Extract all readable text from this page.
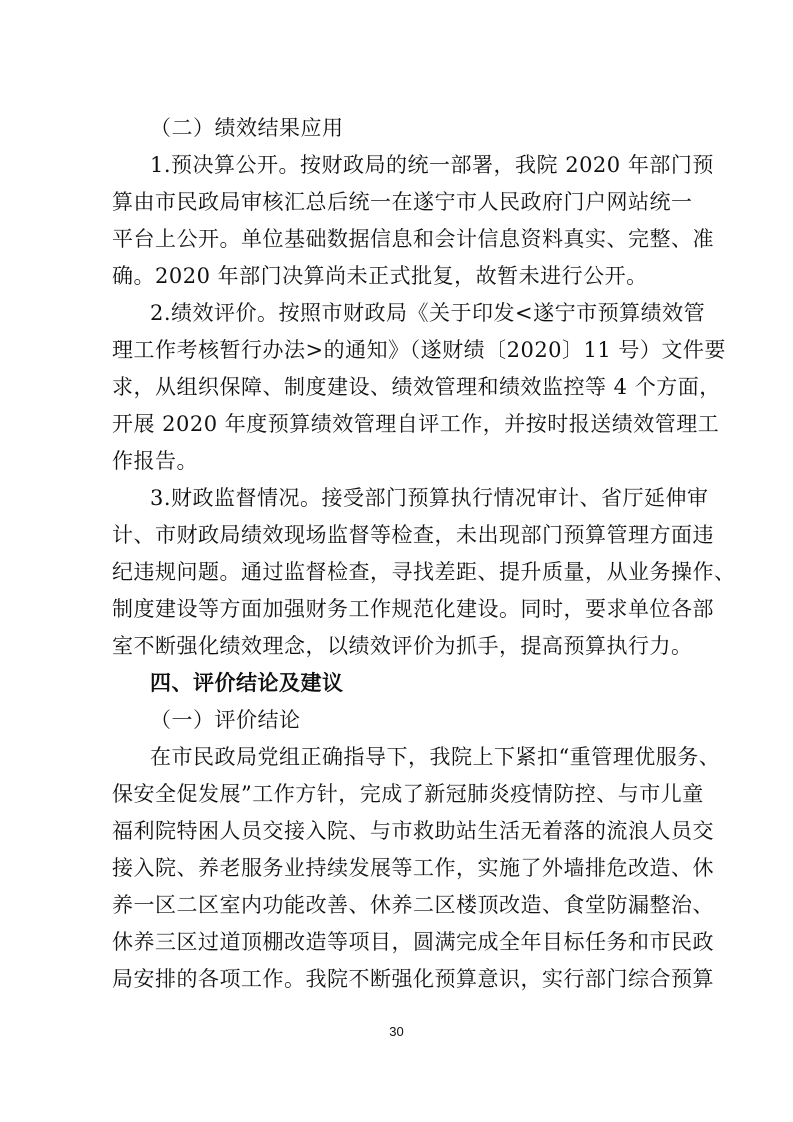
（二）绩效结果应用
1.预决算公开。按财政局的统一部署，我院 2020 年部门预
算由市民政局审核汇总后统一在遂宁市人民政府门户网站统一
平台上公开。单位基础数据信息和会计信息资料真实、完整、准
确。2020 年部门决算尚未正式批复，故暂未进行公开。
2.绩效评价。按照市财政局《关于印发<遂宁市预算绩效管
理工作考核暂行办法>的通知》（遂财绩〔2020〕11 号）文件要
求，从组织保障、制度建设、绩效管理和绩效监控等 4 个方面，
开展 2020 年度预算绩效管理自评工作，并按时报送绩效管理工
作报告。
3.财政监督情况。接受部门预算执行情况审计、省厅延伸审
计、市财政局绩效现场监督等检查，未出现部门预算管理方面违
纪违规问题。通过监督检查，寻找差距、提升质量，从业务操作、
制度建设等方面加强财务工作规范化建设。同时，要求单位各部
室不断强化绩效理念，以绩效评价为抓手，提高预算执行力。
四、评价结论及建议
（一）评价结论
在市民政局党组正确指导下，我院上下紧扣“重管理优服务、
保安全促发展”工作方针，完成了新冠肺炎疫情防控、与市儿童
福利院特困人员交接入院、与市救助站生活无着落的流浪人员交
接入院、养老服务业持续发展等工作，实施了外墙排危改造、休
养一区二区室内功能改善、休养二区楼顶改造、食堂防漏整治、
休养三区过道顶棚改造等项目，圆满完成全年目标任务和市民政
局安排的各项工作。我院不断强化预算意识，实行部门综合预算
30
